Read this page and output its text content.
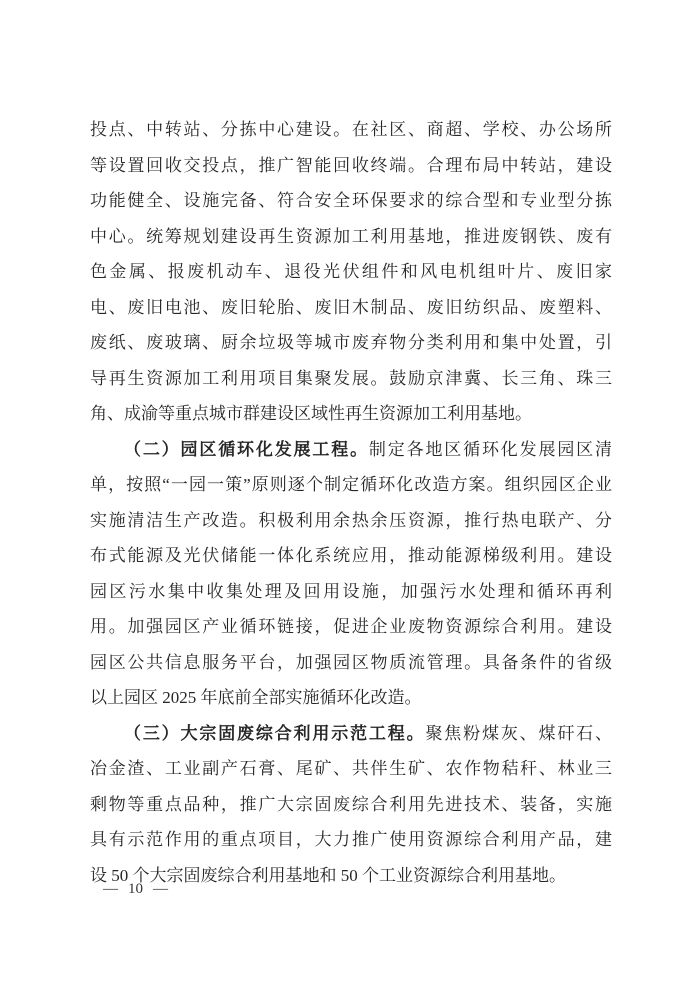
投点、中转站、分拣中心建设。在社区、商超、学校、办公场所
等设置回收交投点，推广智能回收终端。合理布局中转站，建设
功能健全、设施完备、符合安全环保要求的综合型和专业型分拣
中心。统筹规划建设再生资源加工利用基地，推进废钢铁、废有
色金属、报废机动车、退役光伏组件和风电机组叶片、废旧家
电、废旧电池、废旧轮胎、废旧木制品、废旧纺织品、废塑料、
废纸、废玻璃、厨余垃圾等城市废弃物分类利用和集中处置，引
导再生资源加工利用项目集聚发展。鼓励京津冀、长三角、珠三
角、成渝等重点城市群建设区域性再生资源加工利用基地。
（二）园区循环化发展工程。制定各地区循环化发展园区清
单，按照“一园一策”原则逐个制定循环化改造方案。组织园区企业
实施清洁生产改造。积极利用余热余压资源，推行热电联产、分
布式能源及光伏储能一体化系统应用，推动能源梯级利用。建设
园区污水集中收集处理及回用设施，加强污水处理和循环再利
用。加强园区产业循环链接，促进企业废物资源综合利用。建设
园区公共信息服务平台，加强园区物质流管理。具备条件的省级
以上园区 2025 年底前全部实施循环化改造。
（三）大宗固废综合利用示范工程。聚焦粉煤灰、煤矸石、
冶金渣、工业副产石膏、尾矿、共伴生矿、农作物秸秆、林业三
剩物等重点品种，推广大宗固废综合利用先进技术、装备，实施
具有示范作用的重点项目，大力推广使用资源综合利用产品，建
设 50 个大宗固废综合利用基地和 50 个工业资源综合利用基地。
— 10 —
